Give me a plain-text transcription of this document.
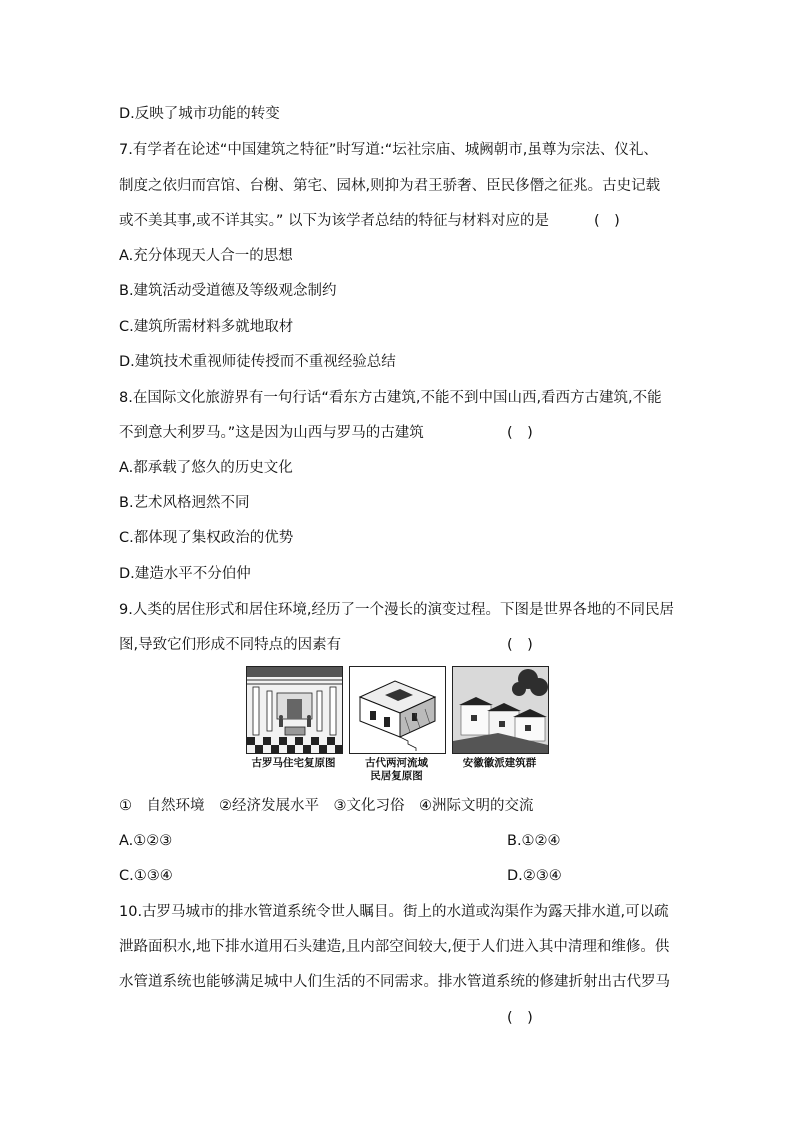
D.反映了城市功能的转变
7.有学者在论述“中国建筑之特征”时写道:“坛社宗庙、城阙朝市,虽尊为宗法、仪礼、
制度之依归而宫馆、台榭、第宅、园林,则抑为君王骄奢、臣民侈僭之征兆。古史记载
或不美其事,或不详其实。” 以下为该学者总结的特征与材料对应的是	(　)
A.充分体现天人合一的思想
B.建筑活动受道德及等级观念制约
C.建筑所需材料多就地取材
D.建筑技术重视师徒传授而不重视经验总结
8.在国际文化旅游界有一句行话“看东方古建筑,不能不到中国山西,看西方古建筑,不能
不到意大利罗马。”这是因为山西与罗马的古建筑	(　)
A.都承载了悠久的历史文化
B.艺术风格迥然不同
C.都体现了集权政治的优势
D.建造水平不分伯仲
9.人类的居住形式和居住环境,经历了一个漫长的演变过程。下图是世界各地的不同民居
图,导致它们形成不同特点的因素有	(　)
古罗马住宅复原图	古代两河流域
民居复原图
安徽徽派建筑群
①　自然环境　②经济发展水平　③文化习俗　④洲际文明的交流
A.①②③	B.①②④
C.①③④	D.②③④
10.古罗马城市的排水管道系统令世人瞩目。街上的水道或沟渠作为露天排水道,可以疏
泄路面积水,地下排水道用石头建造,且内部空间较大,便于人们进入其中清理和维修。供
水管道系统也能够满足城中人们生活的不同需求。排水管道系统的修建折射出古代罗马
(　)
